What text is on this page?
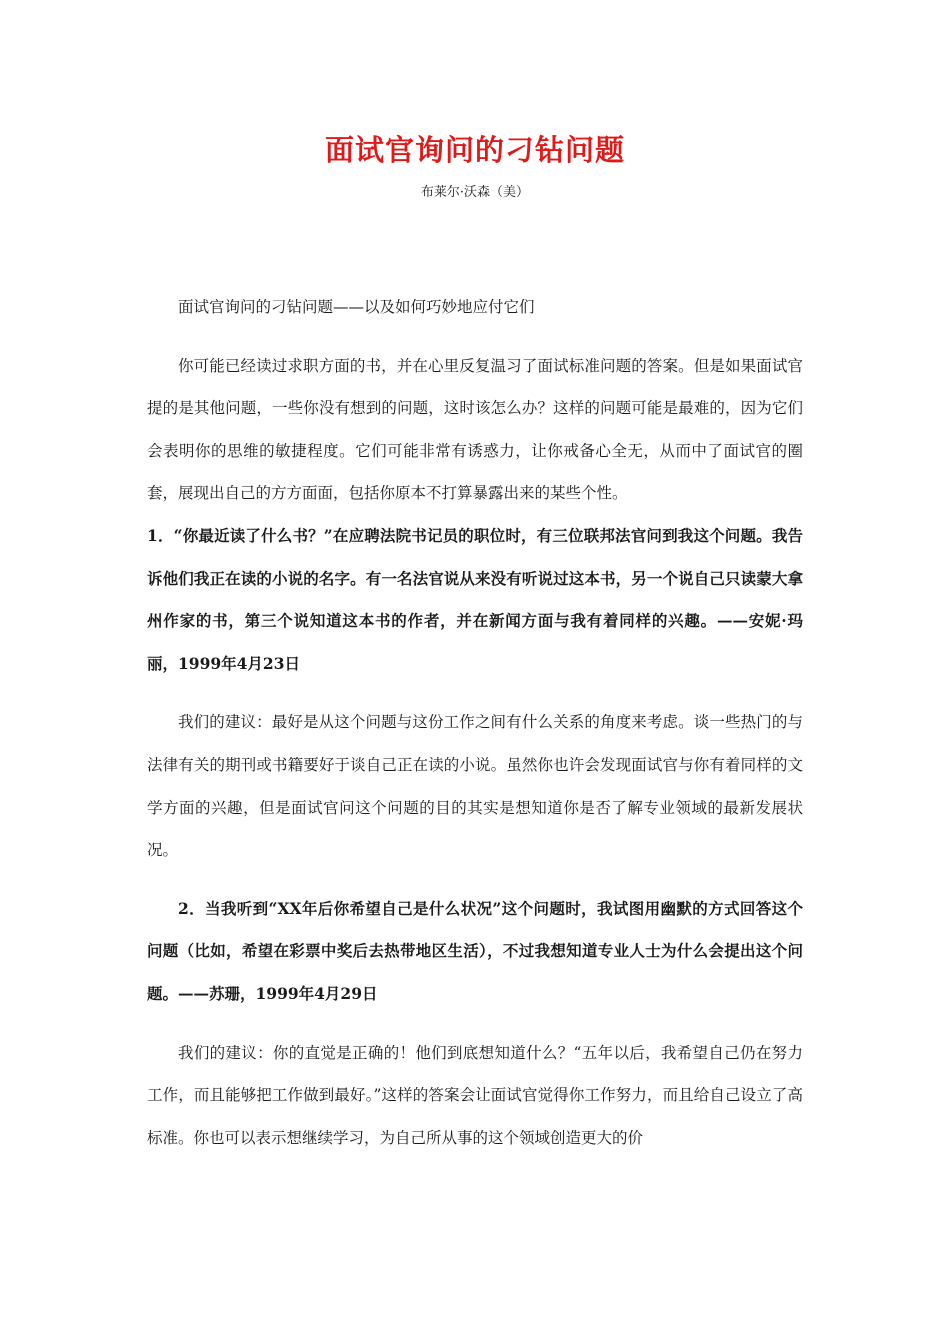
面试官询问的刁钻问题
布莱尔·沃森（美）

面试官询问的刁钻问题——以及如何巧妙地应付它们

你可能已经读过求职方面的书，并在心里反复温习了面试标准问题的答案。但是如果面试官提的是其他问题，一些你没有想到的问题，这时该怎么办？这样的问题可能是最难的，因为它们会表明你的思维的敏捷程度。它们可能非常有诱惑力，让你戒备心全无，从而中了面试官的圈套，展现出自己的方方面面，包括你原本不打算暴露出来的某些个性。

1．“你最近读了什么书？”在应聘法院书记员的职位时，有三位联邦法官问到我这个问题。我告诉他们我正在读的小说的名字。有一名法官说从来没有听说过这本书，另一个说自己只读蒙大拿州作家的书，第三个说知道这本书的作者，并在新闻方面与我有着同样的兴趣。——安妮·玛丽，1999年4月23日

我们的建议：最好是从这个问题与这份工作之间有什么关系的角度来考虑。谈一些热门的与法律有关的期刊或书籍要好于谈自己正在读的小说。虽然你也许会发现面试官与你有着同样的文学方面的兴趣，但是面试官问这个问题的目的其实是想知道你是否了解专业领域的最新发展状况。

2．当我听到“XX年后你希望自己是什么状况”这个问题时，我试图用幽默的方式回答这个问题（比如，希望在彩票中奖后去热带地区生活），不过我想知道专业人士为什么会提出这个问题。——苏珊，1999年4月29日

我们的建议：你的直觉是正确的！他们到底想知道什么？“五年以后，我希望自己仍在努力工作，而且能够把工作做到最好。”这样的答案会让面试官觉得你工作努力，而且给自己设立了高标准。你也可以表示想继续学习，为自己所从事的这个领域创造更大的价
